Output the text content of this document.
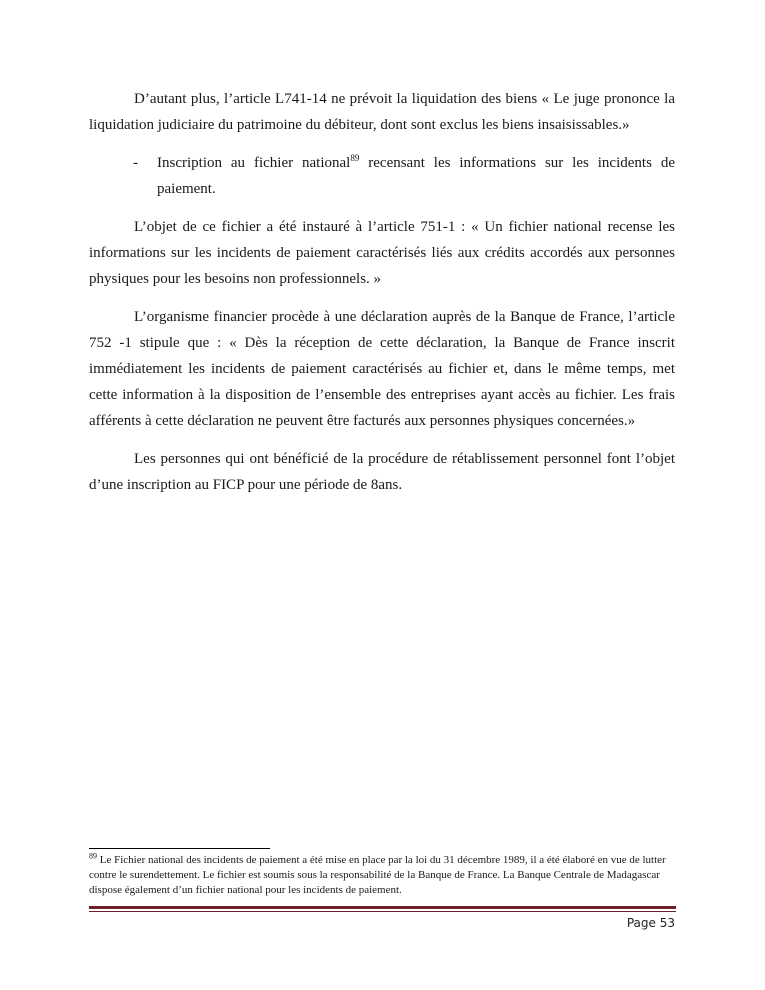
D’autant plus, l’article L741-14 ne prévoit la liquidation des biens « Le juge prononce la liquidation judiciaire du patrimoine du débiteur, dont sont exclus les biens insaisissables.»

- Inscription au fichier national$^{89}$ recensant les informations sur les incidents de paiement.

L’objet de ce fichier a été instauré à l’article 751-1 : « Un fichier national recense les informations sur les incidents de paiement caractérisés liés aux crédits accordés aux personnes physiques pour les besoins non professionnels. »

L’organisme financier procède à une déclaration auprès de la Banque de France, l’article 752 -1 stipule que : « Dès la réception de cette déclaration, la Banque de France inscrit immédiatement les incidents de paiement caractérisés au fichier et, dans le même temps, met cette information à la disposition de l’ensemble des entreprises ayant accès au fichier. Les frais afférents à cette déclaration ne peuvent être facturés aux personnes physiques concernées.»

Les personnes qui ont bénéficié de la procédure de rétablissement personnel font l’objet d’une inscription au FICP pour une période de 8ans.

$^{89}$ Le Fichier national des incidents de paiement a été mise en place par la loi du 31 décembre 1989, il a été élaboré en vue de lutter contre le surendettement. Le fichier est soumis sous la responsabilité de la Banque de France. La Banque Centrale de Madagascar dispose également d’un fichier national pour les incidents de paiement.
Page 53
